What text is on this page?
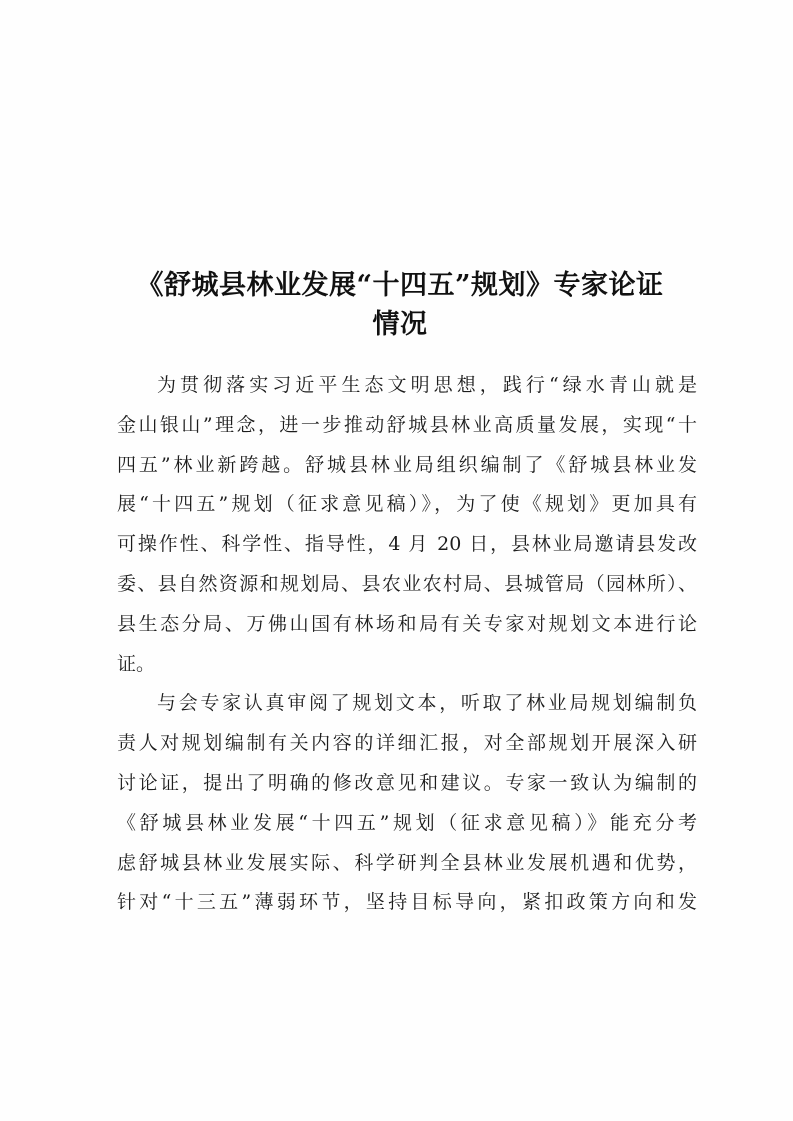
《舒城县林业发展“十四五”规划》专家论证
情况
为贯彻落实习近平生态文明思想，践行“绿水青山就是
金山银山”理念，进一步推动舒城县林业高质量发展，实现“十
四五”林业新跨越。舒城县林业局组织编制了《舒城县林业发
展“十四五”规划（征求意见稿）》，为了使《规划》更加具有
可操作性、科学性、指导性，4 月 20 日，县林业局邀请县发改
委、县自然资源和规划局、县农业农村局、县城管局（园林所）、
县生态分局、万佛山国有林场和局有关专家对规划文本进行论
证。
与会专家认真审阅了规划文本，听取了林业局规划编制负
责人对规划编制有关内容的详细汇报，对全部规划开展深入研
讨论证，提出了明确的修改意见和建议。专家一致认为编制的
《舒城县林业发展“十四五”规划（征求意见稿）》能充分考
虑舒城县林业发展实际、科学研判全县林业发展机遇和优势，
针对“十三五”薄弱环节，坚持目标导向，紧扣政策方向和发
